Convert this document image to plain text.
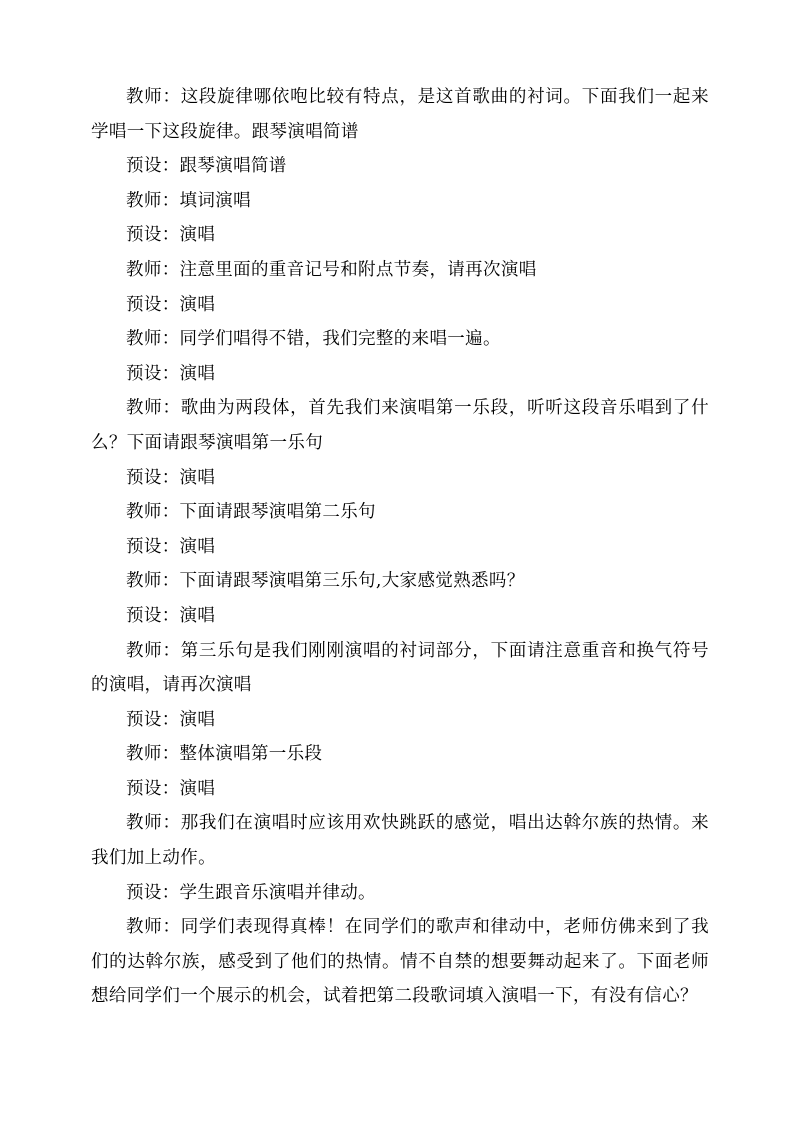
教师：这段旋律哪依咆比较有特点，是这首歌曲的衬词。下面我们一起来学唱一下这段旋律。跟琴演唱简谱

预设：跟琴演唱简谱

教师：填词演唱

预设：演唱

教师：注意里面的重音记号和附点节奏，请再次演唱

预设：演唱

教师：同学们唱得不错，我们完整的来唱一遍。

预设：演唱

教师：歌曲为两段体，首先我们来演唱第一乐段，听听这段音乐唱到了什么？下面请跟琴演唱第一乐句

预设：演唱

教师：下面请跟琴演唱第二乐句

预设：演唱

教师：下面请跟琴演唱第三乐句,大家感觉熟悉吗？

预设：演唱

教师：第三乐句是我们刚刚演唱的衬词部分，下面请注意重音和换气符号的演唱，请再次演唱

预设：演唱

教师：整体演唱第一乐段

预设：演唱

教师：那我们在演唱时应该用欢快跳跃的感觉，唱出达斡尔族的热情。来我们加上动作。

预设：学生跟音乐演唱并律动。

教师：同学们表现得真棒！在同学们的歌声和律动中，老师仿佛来到了我们的达斡尔族，感受到了他们的热情。情不自禁的想要舞动起来了。下面老师想给同学们一个展示的机会，试着把第二段歌词填入演唱一下，有没有信心？
